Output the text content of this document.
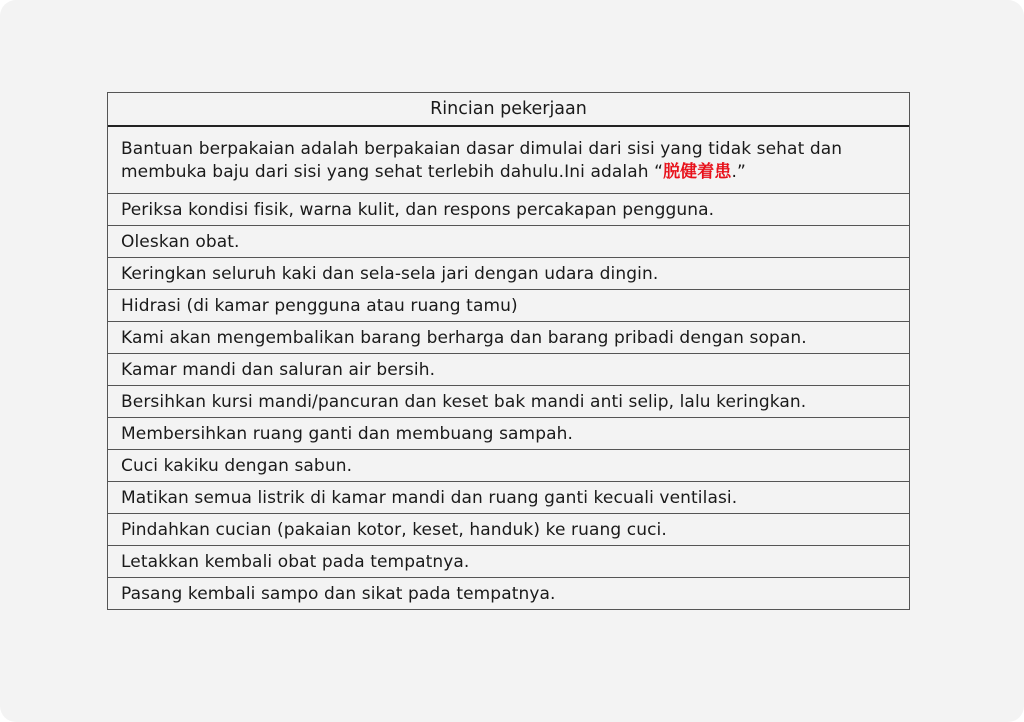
Rincian pekerjaan
Bantuan berpakaian adalah berpakaian dasar dimulai dari sisi yang tidak sehat dan membuka baju dari sisi yang sehat terlebih dahulu.Ini adalah “脱健着患.”
Periksa kondisi fisik, warna kulit, dan respons percakapan pengguna.
Oleskan obat.
Keringkan seluruh kaki dan sela-sela jari dengan udara dingin.
Hidrasi (di kamar pengguna atau ruang tamu)
Kami akan mengembalikan barang berharga dan barang pribadi dengan sopan.
Kamar mandi dan saluran air bersih.
Bersihkan kursi mandi/pancuran dan keset bak mandi anti selip, lalu keringkan.
Membersihkan ruang ganti dan membuang sampah.
Cuci kakiku dengan sabun.
Matikan semua listrik di kamar mandi dan ruang ganti kecuali ventilasi.
Pindahkan cucian (pakaian kotor, keset, handuk) ke ruang cuci.
Letakkan kembali obat pada tempatnya.
Pasang kembali sampo dan sikat pada tempatnya.
